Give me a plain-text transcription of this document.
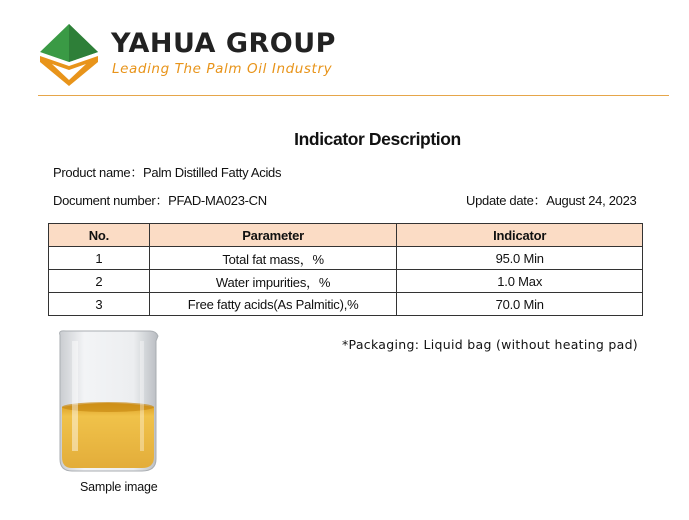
YAHUA GROUP
Leading The Palm Oil Industry
Indicator Description
Product name：Palm Distilled Fatty Acids
Document number：PFAD-MA023-CN	Update date：August 24, 2023
No.	Parameter	Indicator
1	Total fat mass，%	95.0 Min
2	Water impurities，%	1.0 Max
3	Free fatty acids(As Palmitic),%	70.0 Min
*Packaging: Liquid bag (without heating pad)
Sample image
